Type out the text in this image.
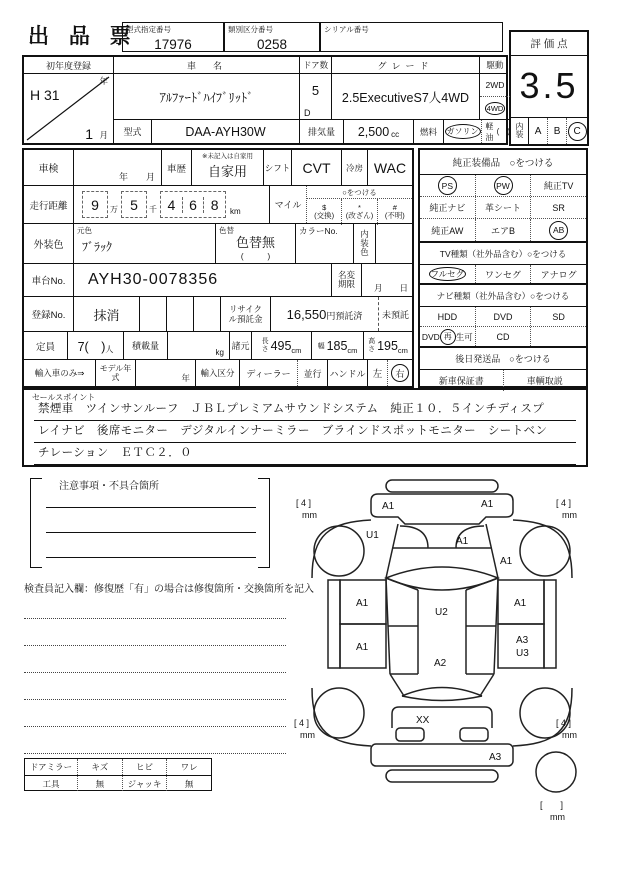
出 品 票
型式指定番号
17976
類別区分番号
0258
シリアル番号
評 価 点
3.5
内装	A	B	C
初年度登録	車　名	ドア数	グレード	駆動
年
H 31
1 月
ｱﾙﾌｧｰﾄﾞﾊｲﾌﾞﾘｯﾄﾞ	5
D
2.5ExecutiveS7人4WD
2WD
4WD
型式	DAA-AYH30W	排気量	2,500 cc	燃料	ガソリン
軽油
(　)
車検
年　　月
車歴
※未記入は自家用
自家用 シフト CVT	冷房 WAC
走行距離	9	万 5	千 4 6 8	km
マイル
○をつける
$
(交換)
*
(改ざん)
#
(不明)
外装色
元色
ﾌﾞﾗｯｸ
色替
色替無
(　　　)
カラーNo.	内装色
車台No.	AYH30-0078356	名変期限 月　　日
登録No.	抹消	リサイクル預託金 16,550 円預託済	未預託
定員	7(　) 人	積載量
kg
諸元	長さ 495 cm 幅 185 cm
高さ 195 cm
輸入車のみ⇒	モデル年式	年	輸入区分	ディーラー	並行 ハンドル 左	右
純正装備品　○をつける
PS	PW	純正TV
純正ナビ	革シート	SR
純正AW	エアB	AB
TV種類（社外品含む）○をつける
フルセグ	ワンセグ	アナログ
ナビ種類（社外品含む）○をつける
HDD	DVD	SD
DVD 再 生可	CD
後日発送品　○をつける
新車保証書	車輌取説
セールスポイント
禁煙車　ツインサンルーフ　ＪＢＬプレミアムサウンドシステム　純正１０．５インチディスプ
レイナビ　後席モニター　デジタルインナーミラー　ブラインドスポットモニター　シートベン
チレーション　ＥＴＣ２．０
注意事項・不具合箇所
検査員記入欄：修復歴「有」の場合は修復箇所・交換箇所を記入
ドアミラー	キズ	ヒビ	ワレ
工具	無	ジャッキ	無
A1	A1
U1
A1
A1
A1
A1
U2
A2
A1
A3
U3
XX
A3
[ 4 ]
mm
[ 4 ]
mm
[ 4 ]
mm
[ 4 ]
mm
[　　]
mm
